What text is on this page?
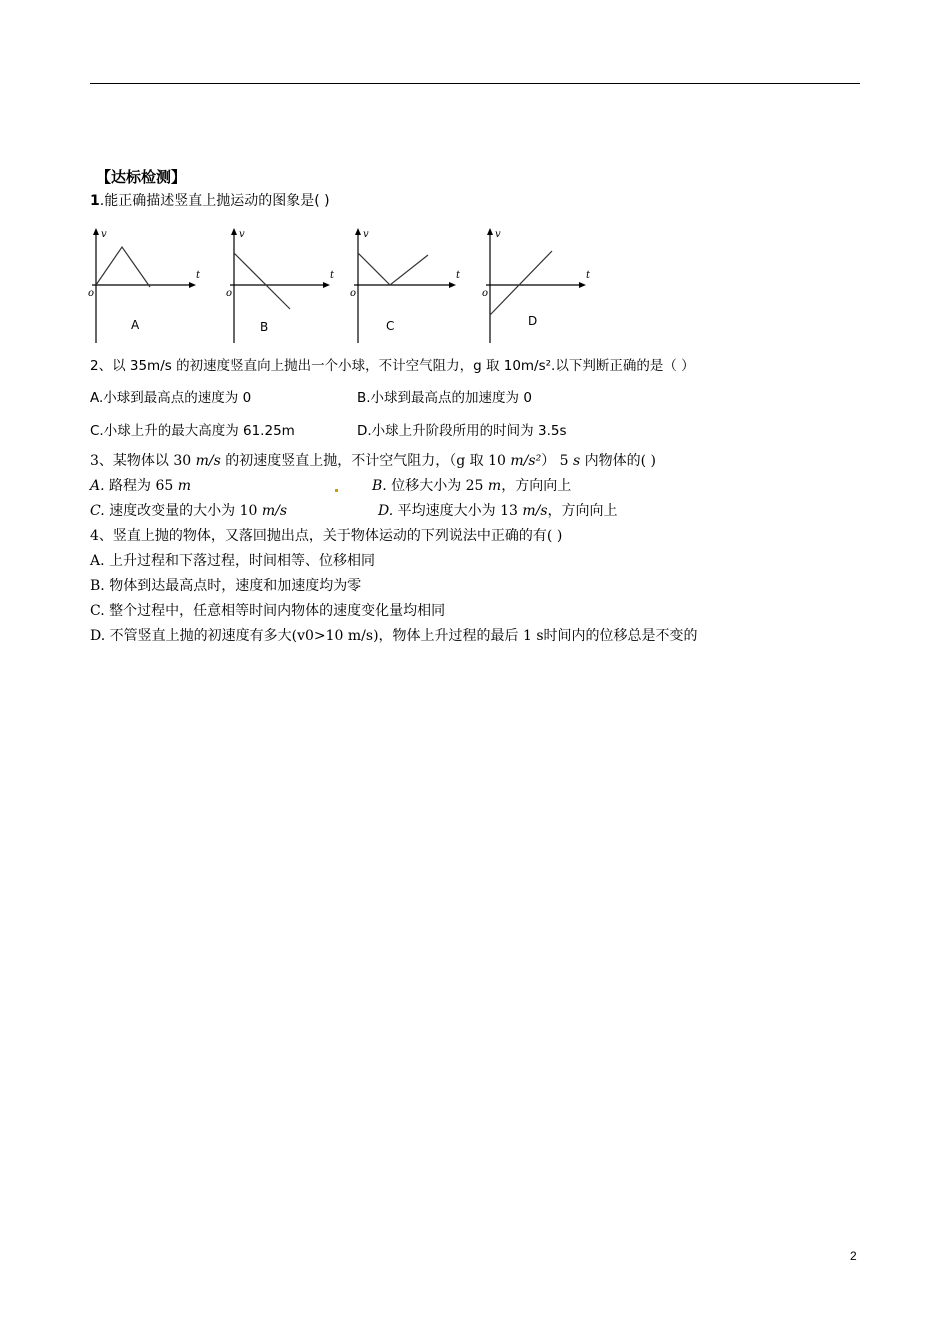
【达标检测】
1.能正确描述竖直上抛运动的图象是( )
v
t
o
A
v
t
o
B
v
t
o
C
v
t
o
D
2、以 35m/s 的初速度竖直向上抛出一个小球，不计空气阻力，g 取 10m/s².以下判断正确的是（ ）
A.小球到最高点的速度为 0	B.小球到最高点的加速度为 0
C.小球上升的最大高度为 61.25m	D.小球上升阶段所用的时间为 3.5s
3、某物体以 30 m/s 的初速度竖直上抛，不计空气阻力，（g 取 10 m/s²） 5 s 内物体的( )
A. 路程为 65 m	B. 位移大小为 25 m，方向向上
C. 速度改变量的大小为 10 m/s	D. 平均速度大小为 13 m/s，方向向上
4、竖直上抛的物体，又落回抛出点，关于物体运动的下列说法中正确的有( )
A. 上升过程和下落过程，时间相等、位移相同
B. 物体到达最高点时，速度和加速度均为零
C. 整个过程中，任意相等时间内物体的速度变化量均相同
D. 不管竖直上抛的初速度有多大(v0>10 m/s)，物体上升过程的最后 1 s时间内的位移总是不变的
2
